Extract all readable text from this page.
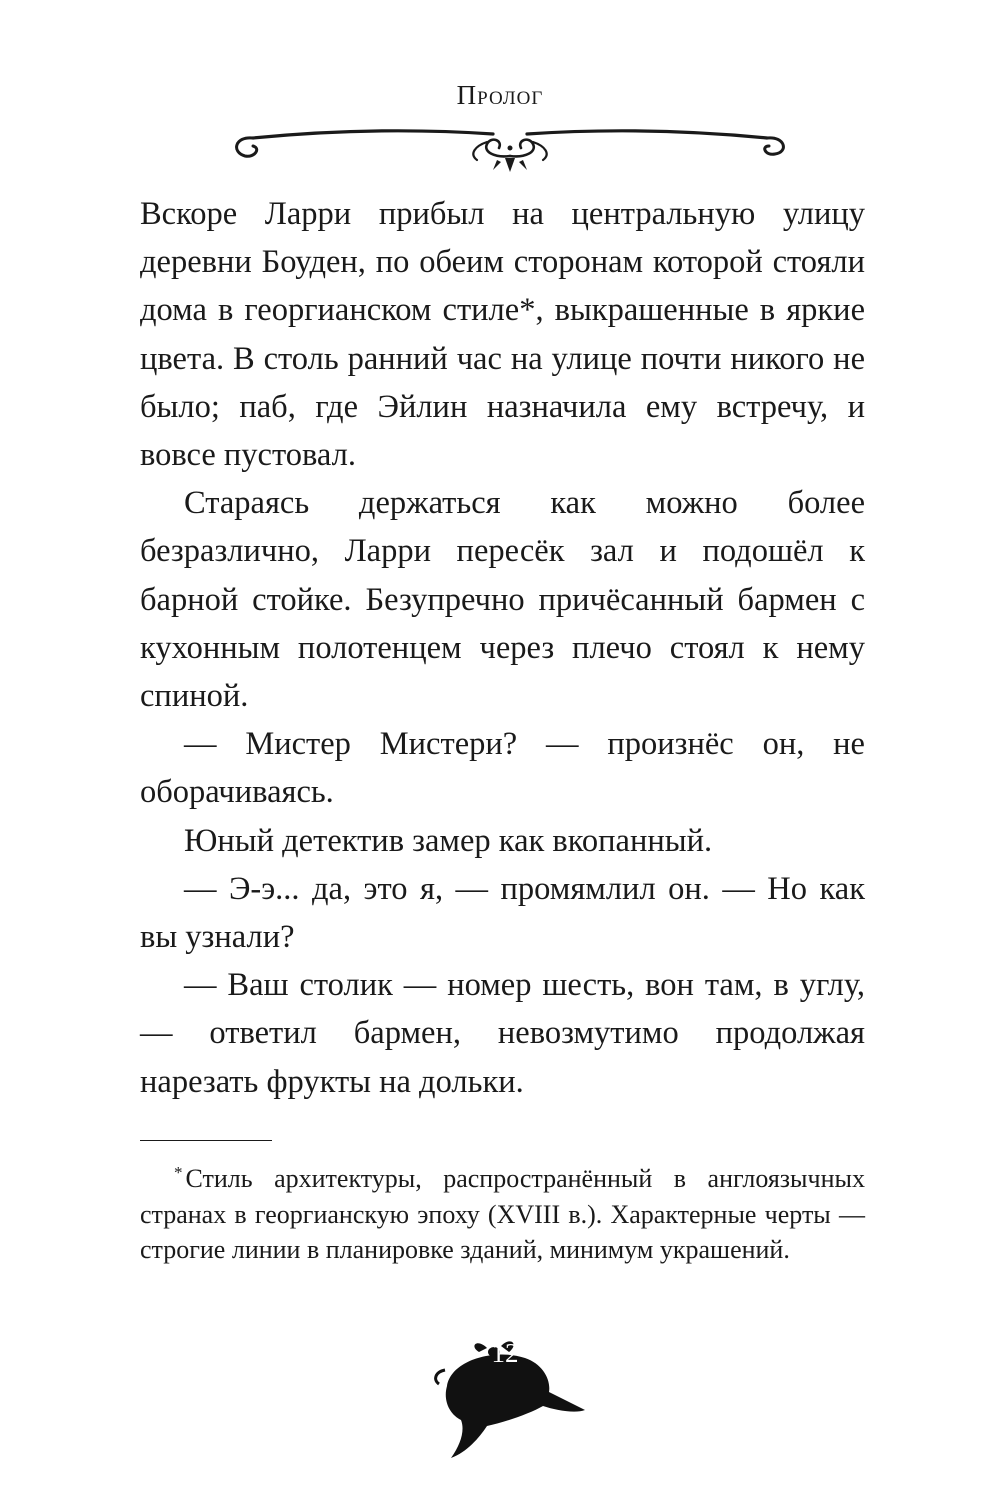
Пролог

Вскоре Ларри прибыл на центральную улицу деревни Боуден, по обеим сторонам которой стояли дома в георгианском стиле*, выкрашенные в яркие цвета. В столь ранний час на улице почти никого не было; паб, где Эйлин назначила ему встречу, и вовсе пустовал.

Стараясь держаться как можно более безразлично, Ларри пересёк зал и подошёл к барной стойке. Безупречно причёсанный бармен с кухонным полотенцем через плечо стоял к нему спиной.

— Мистер Мистери? — произнёс он, не оборачиваясь.

Юный детектив замер как вкопанный.

— Э-э... да, это я, — промямлил он. — Но как вы узнали?

— Ваш столик — номер шесть, вон там, в углу, — ответил бармен, невозмутимо продолжая нарезать фрукты на дольки.

* Стиль архитектуры, распространённый в англоязычных странах в георгианскую эпоху (XVIII в.). Характерные черты — строгие линии в планировке зданий, минимум украшений.
12
